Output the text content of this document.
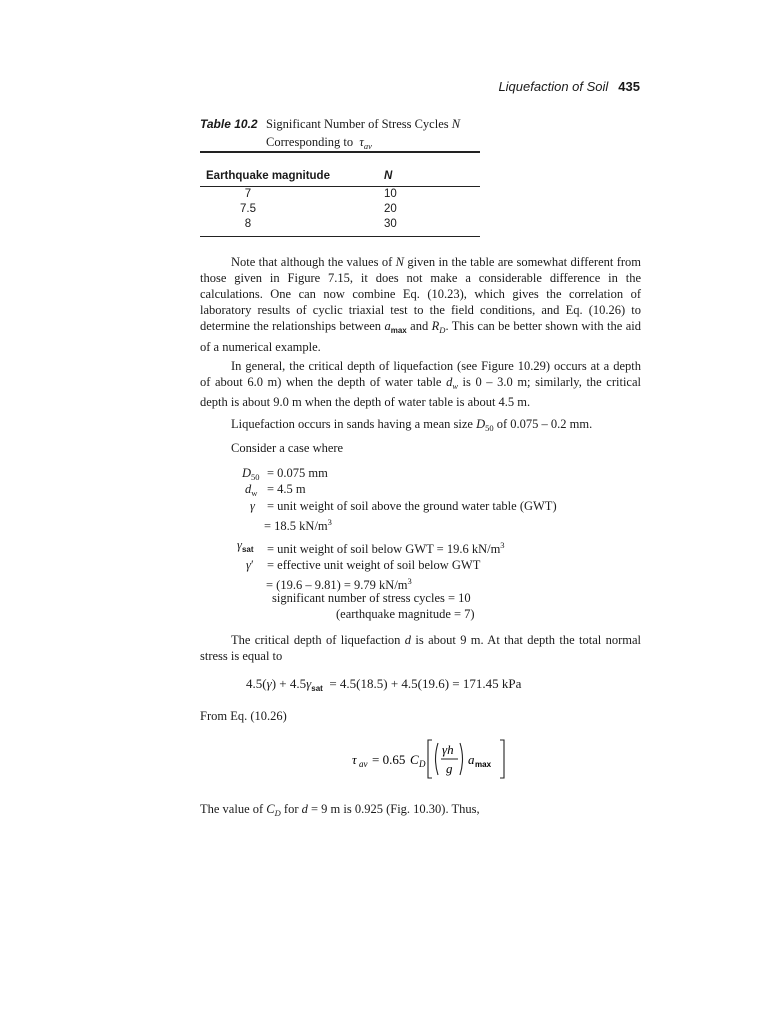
Liquefaction of Soil 435
Table 10.2 Significant Number of Stress Cycles N
Corresponding to  $\tau_{av}$
Earthquake magnitude	N
7	10
7.5	20
8	30
Note that although the values of N given in the table are somewhat different from those given in Figure 7.15, it does not make a considerable difference in the calculations. One can now combine Eq. (10.23), which gives the correlation of laboratory results of cyclic triaxial test to the field conditions, and Eq. (10.26) to determine the relationships between $a_{max}$ and $R_D$. This can be better shown with the aid of a numerical example.
In general, the critical depth of liquefaction (see Figure 10.29) occurs at a depth of about 6.0 m) when the depth of water table $d_w$ is 0 – 3.0 m; similarly, the critical depth is about 9.0 m when the depth of water table is about 4.5 m.
Liquefaction occurs in sands having a mean size $D_{50}$ of 0.075 – 0.2 mm.
Consider a case where
$D_{50} = 0.075$ mm
$d_w = 4.5$ m
γ = unit weight of soil above the ground water table (GWT)
= 18.5 $kN/m^3$
$\gamma_{sat}$ = unit weight of soil below GWT = 19.6 $kN/m^3$
γ′ = effective unit weight of soil below GWT
= (19.6 – 9.81) = 9.79 $kN/m^3$
significant number of stress cycles = 10
(earthquake magnitude = 7)
The critical depth of liquefaction d is about 9 m. At that depth the total normal stress is equal to
$4.5(\gamma) + 4.5\gamma_{sat} = 4.5(18.5) + 4.5(19.6) = 171.45$ kPa
From Eq. (10.26)
τ av = 0.65 C D
γh
g
a max
The value of $C_D$ for d = 9 m is 0.925 (Fig. 10.30). Thus,
